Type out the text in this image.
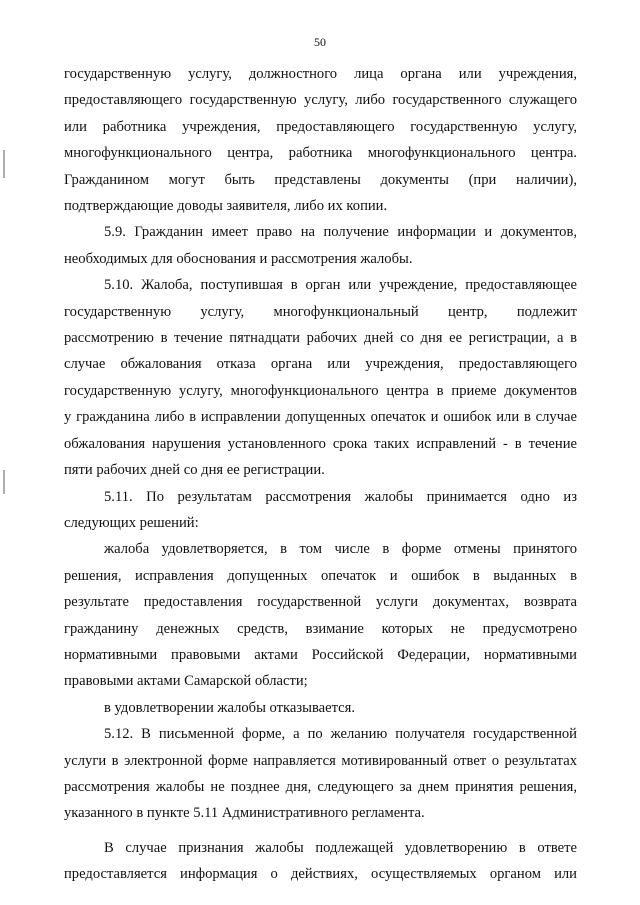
50
государственную услугу, должностного лица органа или учреждения,
предоставляющего государственную услугу, либо государственного служащего
или работника учреждения, предоставляющего государственную услугу,
многофункционального центра, работника многофункционального центра.
Гражданином могут быть представлены документы (при наличии),
подтверждающие доводы заявителя, либо их копии.
5.9. Гражданин имеет право на получение информации и документов,
необходимых для обоснования и рассмотрения жалобы.
5.10. Жалоба, поступившая в орган или учреждение, предоставляющее
государственную услугу, многофункциональный центр, подлежит
рассмотрению в течение пятнадцати рабочих дней со дня ее регистрации, а в
случае обжалования отказа органа или учреждения, предоставляющего
государственную услугу, многофункционального центра в приеме документов
у гражданина либо в исправлении допущенных опечаток и ошибок или в случае
обжалования нарушения установленного срока таких исправлений - в течение
пяти рабочих дней со дня ее регистрации.
5.11. По результатам рассмотрения жалобы принимается одно из
следующих решений:
жалоба удовлетворяется, в том числе в форме отмены принятого
решения, исправления допущенных опечаток и ошибок в выданных в
результате предоставления государственной услуги документах, возврата
гражданину денежных средств, взимание которых не предусмотрено
нормативными правовыми актами Российской Федерации, нормативными
правовыми актами Самарской области;
в удовлетворении жалобы отказывается.
5.12. В письменной форме, а по желанию получателя государственной
услуги в электронной форме направляется мотивированный ответ о результатах
рассмотрения жалобы не позднее дня, следующего за днем принятия решения,
указанного в пункте 5.11 Административного регламента.
В случае признания жалобы подлежащей удовлетворению в ответе
предоставляется информация о действиях, осуществляемых органом или
